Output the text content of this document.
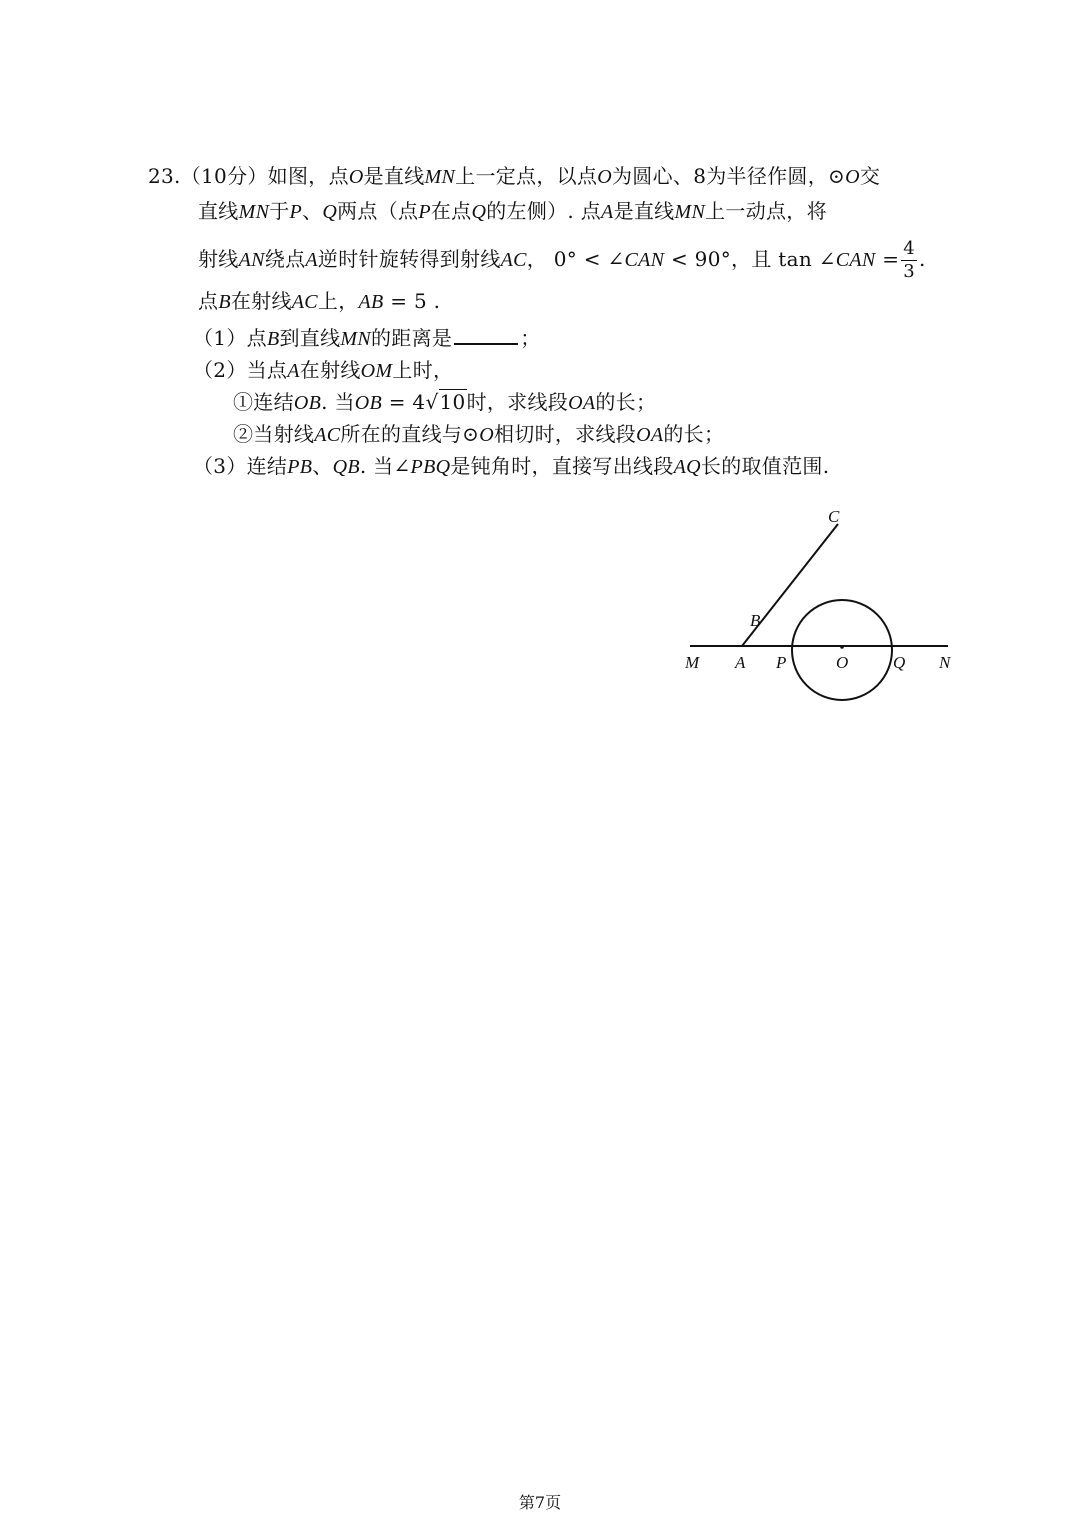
23.（10分）如图，点O是直线MN上一定点，以点O为圆心、8为半径作圆，⊙O交
直线MN于P、Q两点（点P在点Q的左侧）. 点A是直线MN上一动点，将
射线AN绕点A逆时针旋转得到射线AC， 0° < ∠CAN < 90°，且 tan ∠CAN = $\frac{4}{3}$ .
点B在射线AC上，AB = 5 .
（1）点B到直线MN的距离是	；
（2）当点A在射线OM上时，
①连结OB. 当OB = 4√10时，求线段OA的长；
②当射线AC所在的直线与⊙O相切时，求线段OA的长；
（3）连结PB、QB. 当∠PBQ是钝角时，直接写出线段AQ长的取值范围.
C
B
M A P	O	Q N
第7页
